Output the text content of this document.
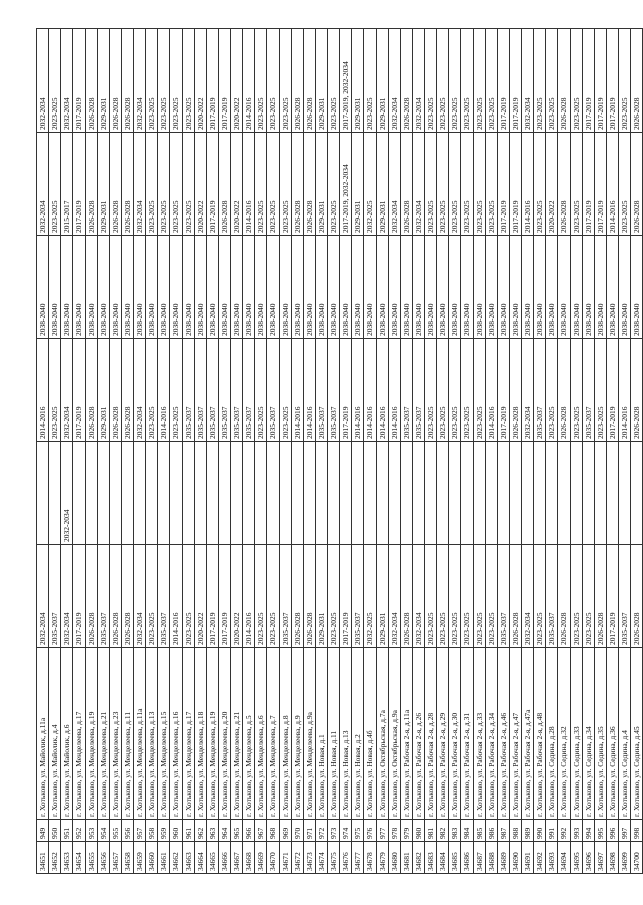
34651	949	г. Хотьково, ул. Майолик, д.11а	2032-2034		2014-2016	2038-2040	2032-2034	2032-2034
34652	950	г. Хотьково, ул. Майолик, д.4	2035-2037		2023-2025	2038-2040	2023-2025	2023-2025
34653	951	г. Хотьково, ул. Майолик, д.6	2032-2034	2032-2034	2032-2034	2038-2040	2015-2017	2032-2034
34654	952	г. Хотьково, ул. Менделеева, д.17	2017-2019		2017-2019	2038-2040	2017-2019	2017-2019
34655	953	г. Хотьково, ул. Менделеева, д.19	2026-2028		2026-2028	2038-2040	2026-2028	2026-2028
34656	954	г. Хотьково, ул. Менделеева, д.21	2035-2037		2029-2031	2038-2040	2029-2031	2029-2031
34657	955	г. Хотьково, ул. Менделеева, д.23	2026-2028		2026-2028	2038-2040	2026-2028	2026-2028
34658	956	г. Хотьково, ул. Менделеева, д.11	2026-2028		2026-2028	2038-2040	2026-2028	2026-2028
34659	957	г. Хотьково, ул. Менделеева, д.11а	2032-2034		2032-2034	2038-2040	2032-2034	2032-2034
34660	958	г. Хотьково, ул. Менделеева, д.13	2023-2025		2023-2025	2038-2040	2023-2025	2023-2025
34661	959	г. Хотьково, ул. Менделеева, д.15	2035-2037		2014-2016	2038-2040	2023-2025	2023-2025
34662	960	г. Хотьково, ул. Менделеева, д.16	2014-2016		2023-2025	2038-2040	2023-2025	2023-2025
34663	961	г. Хотьково, ул. Менделеева, д.17	2023-2025		2035-2037	2038-2040	2023-2025	2023-2025
34664	962	г. Хотьково, ул. Менделеева, д.18	2020-2022		2035-2037	2038-2040	2020-2022	2020-2022
34665	963	г. Хотьково, ул. Менделеева, д.19	2017-2019		2035-2037	2038-2040	2017-2019	2017-2019
34666	964	г. Хотьково, ул. Менделеева, д.20	2017-2019		2035-2037	2038-2040	2026-2028	2017-2019
34667	965	г. Хотьково, ул. Менделеева, д.21	2020-2022		2035-2037	2038-2040	2020-2022	2020-2022
34668	966	г. Хотьково, ул. Менделеева, д.5	2014-2016		2035-2037	2038-2040	2014-2016	2014-2016
34669	967	г. Хотьково, ул. Менделеева, д.6	2023-2025		2023-2025	2038-2040	2023-2025	2023-2025
34670	968	г. Хотьково, ул. Менделеева, д.7	2023-2025		2035-2037	2038-2040	2023-2025	2023-2025
34671	969	г. Хотьково, ул. Менделеева, д.8	2035-2037		2023-2025	2038-2040	2023-2025	2023-2025
34672	970	г. Хотьково, ул. Менделеева, д.9	2026-2028		2014-2016	2038-2040	2026-2028	2026-2028
34673	971	г. Хотьково, ул. Менделеева, д.9а	2026-2028		2014-2016	2038-2040	2026-2028	2026-2028
34674	972	г. Хотьково, ул. Новая, д.1	2029-2031		2035-2037	2038-2040	2029-2031	2029-2031
34675	973	г. Хотьково, ул. Новая, д.11	2023-2025		2035-2037	2038-2040	2023-2025	2023-2025
34676	974	г. Хотьково, ул. Новая, д.13	2017-2019		2017-2019	2038-2040	2017-2019, 2032-2034	2017-2019, 2032-2034
34677	975	г. Хотьково, ул. Новая, д.2	2035-2037		2014-2016	2038-2040	2029-2031	2029-2031
34678	976	г. Хотьково, ул. Новая, д.4б	2032-2025		2014-2016	2038-2040	2032-2025	2023-2025
34679	977	г. Хотьково, ул. Октябрьская, д.7а	2029-2031		2014-2016	2038-2040	2029-2031	2029-2031
34680	978	г. Хотьково, ул. Октябрьская, д.9а	2032-2034		2014-2016	2038-2040	2032-2034	2032-2034
34681	979	г. Хотьково, ул. Рабочая 2-я, д.11а	2026-2028		2035-2037	2038-2040	2026-2028	2026-2028
34682	980	г. Хотьково, ул. Рабочая 2-я, д.26	2032-2034		2035-2037	2038-2040	2032-2034	2032-2034
34683	981	г. Хотьково, ул. Рабочая 2-я, д.28	2023-2025		2023-2025	2038-2040	2023-2025	2023-2025
34684	982	г. Хотьково, ул. Рабочая 2-я, д.29	2023-2025		2023-2025	2038-2040	2023-2025	2023-2025
34685	983	г. Хотьково, ул. Рабочая 2-я, д.30	2023-2025		2023-2025	2038-2040	2023-2025	2023-2025
34686	984	г. Хотьково, ул. Рабочая 2-я, д.31	2023-2025		2023-2025	2038-2040	2023-2025	2023-2025
34687	985	г. Хотьково, ул. Рабочая 2-я, д.33	2023-2025		2023-2025	2038-2040	2023-2025	2023-2025
34688	986	г. Хотьково, ул. Рабочая 2-я, д.34	2023-2025		2014-2016	2038-2040	2023-2025	2023-2025
34689	987	г. Хотьково, ул. Рабочая 2-я, д.46	2035-2037		2017-2019	2038-2040	2017-2019	2017-2019
34690	988	г. Хотьково, ул. Рабочая 2-я, д.47	2026-2028		2026-2028	2038-2040	2017-2019	2017-2019
34691	989	г. Хотьково, ул. Рабочая 2-я, д.47а	2032-2034		2032-2034	2038-2040	2014-2016	2032-2034
34692	990	г. Хотьково, ул. Рабочая 2-я, д.48	2023-2025		2035-2037	2038-2040	2023-2025	2023-2025
34693	991	г. Хотьково, ул. Седина, д.28	2035-2037		2023-2025	2038-2040	2020-2022	2023-2025
34694	992	г. Хотьково, ул. Седина, д.32	2026-2028		2026-2028	2038-2040	2026-2028	2026-2028
34695	993	г. Хотьково, ул. Седина, д.33	2023-2025		2023-2025	2038-2040	2023-2025	2023-2025
34696	994	г. Хотьково, ул. Седина, д.34	2023-2025		2035-2037	2038-2040	2017-2019	2017-2019
34697	995	г. Хотьково, ул. Седина, д.35	2026-2028		2023-2025	2038-2040	2017-2019	2017-2019
34698	996	г. Хотьково, ул. Седина, д.36	2017-2019		2017-2019	2038-2040	2014-2016	2017-2019
34699	997	г. Хотьково, ул. Седина, д.4	2035-2037		2014-2016	2038-2040	2023-2025	2023-2025
34700	998	г. Хотьково, ул. Седина, д.45	2026-2028		2026-2028	2038-2040	2026-2028	2026-2028
